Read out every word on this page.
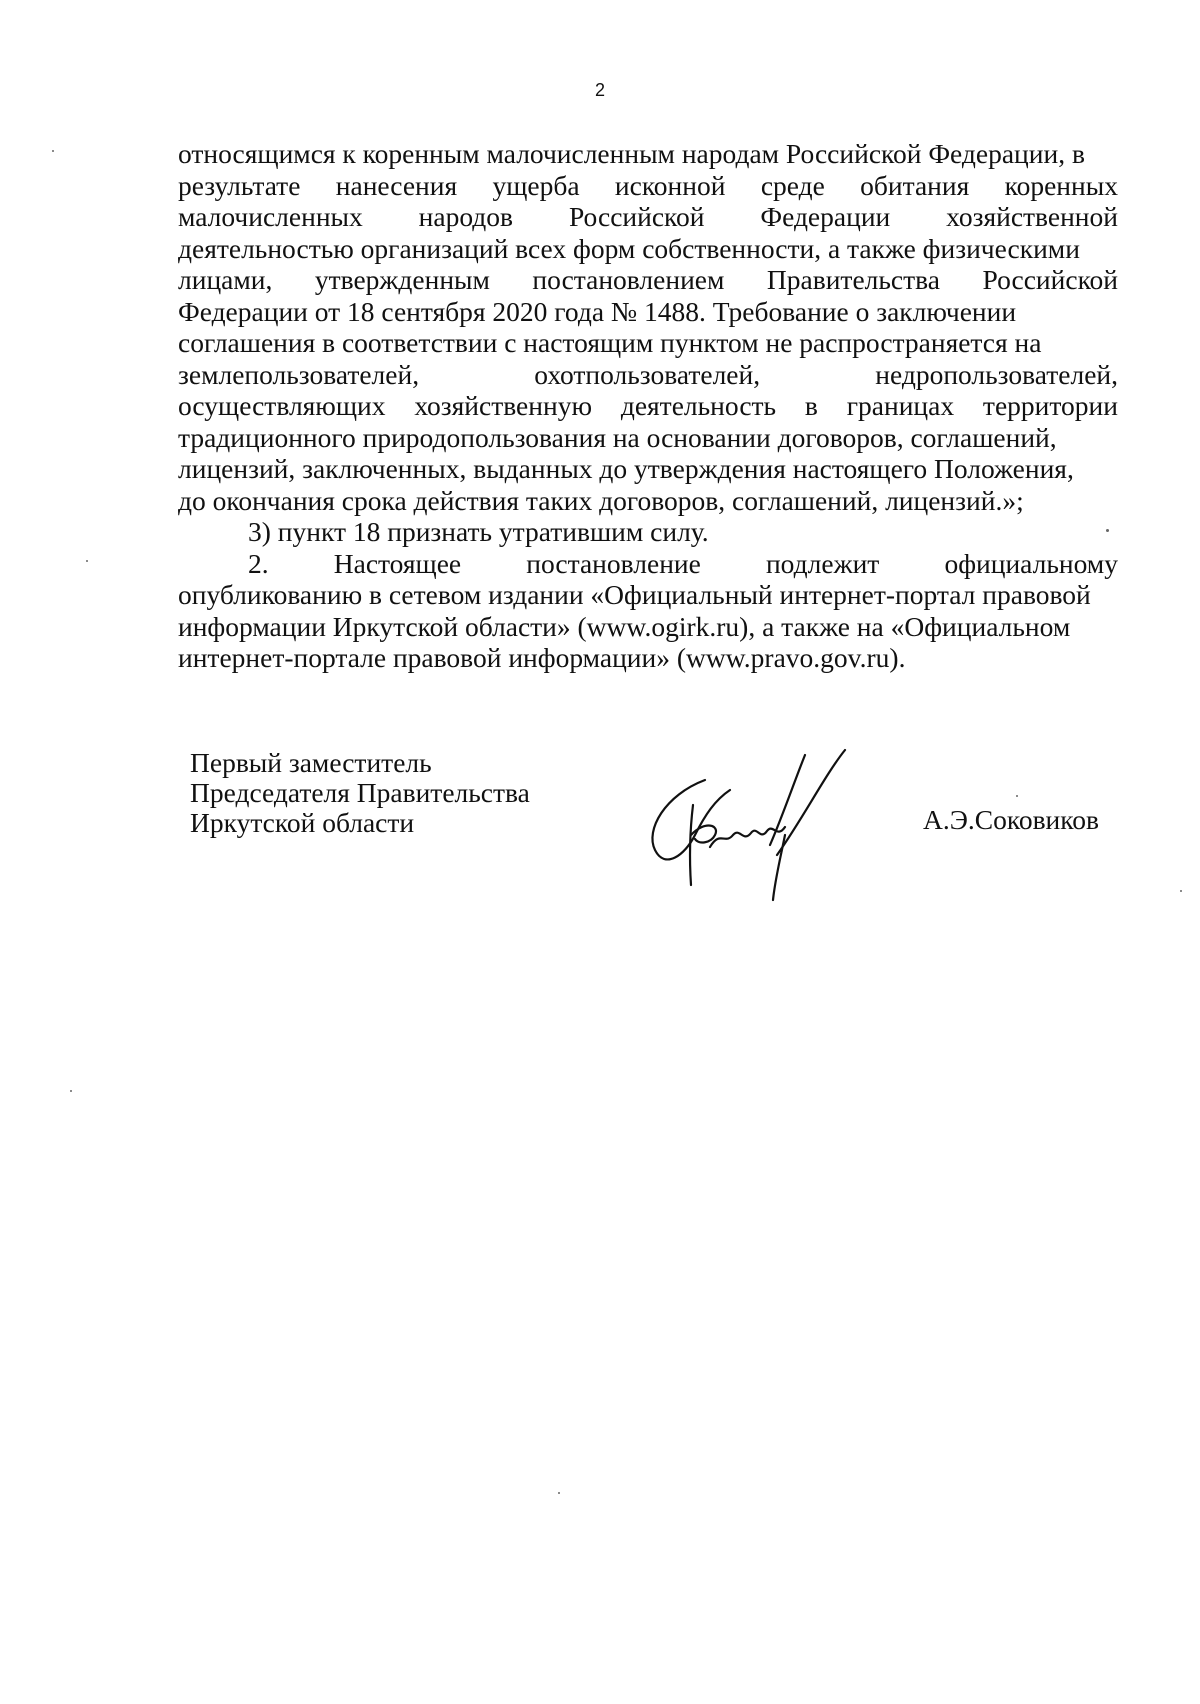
2
относящимся к коренным малочисленным народам Российской Федерации, в
результате нанесения ущерба исконной среде обитания коренных
малочисленных народов Российской Федерации хозяйственной
деятельностью организаций всех форм собственности, а также физическими
лицами, утвержденным постановлением Правительства Российской
Федерации от 18 сентября 2020 года № 1488. Требование о заключении
соглашения в соответствии с настоящим пунктом не распространяется на
землепользователей,	охотпользователей,	недропользователей,
осуществляющих хозяйственную деятельность в границах территории
традиционного природопользования на основании договоров, соглашений,
лицензий, заключенных, выданных до утверждения настоящего Положения,
до окончания срока действия таких договоров, соглашений, лицензий.»;
3) пункт 18 признать утратившим силу.
2. Настоящее постановление подлежит официальному
опубликованию в сетевом издании «Официальный интернет-портал правовой
информации Иркутской области» (www.ogirk.ru), а также на «Официальном
интернет-портале правовой информации» (www.pravo.gov.ru).
Первый заместитель
Председателя Правительства
Иркутской области	А.Э.Соковиков
